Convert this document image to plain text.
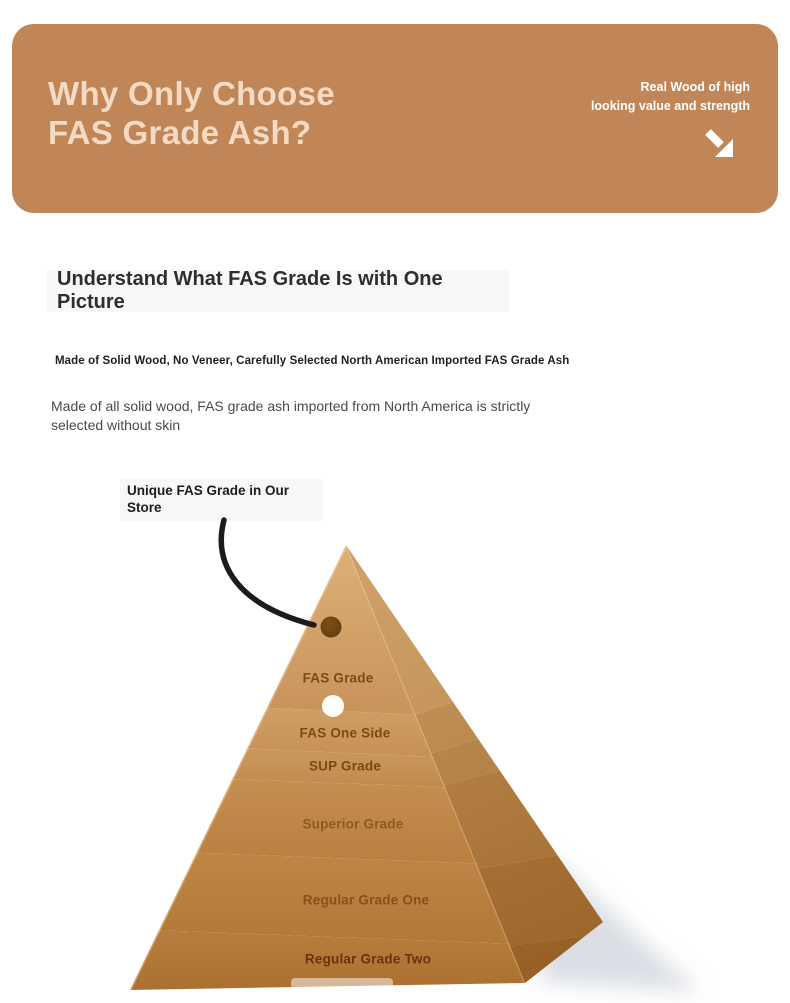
Why Only Choose
FAS Grade Ash?
Real Wood of high
looking value and strength
Understand What FAS Grade Is with One Picture
Made of Solid Wood, No Veneer, Carefully Selected North American Imported FAS Grade Ash

Made of all solid wood, FAS grade ash imported from North America is strictly selected without skin

Unique FAS Grade in Our Store
FAS Grade
FAS One Side
SUP Grade
Superior Grade
Regular Grade One
Regular Grade Two
